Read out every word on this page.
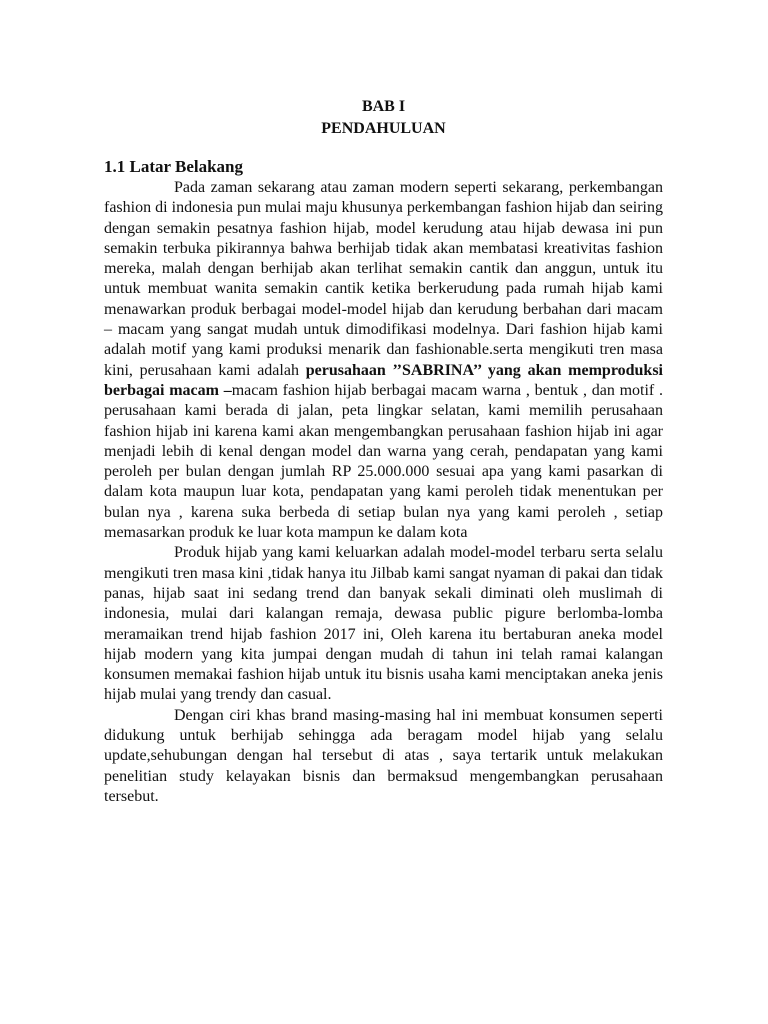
BAB I
PENDAHULUAN
1.1 Latar Belakang

Pada zaman sekarang atau zaman modern seperti sekarang, perkembangan fashion di indonesia pun mulai maju khusunya perkembangan fashion hijab dan seiring dengan semakin pesatnya fashion hijab, model kerudung atau hijab dewasa ini pun semakin terbuka pikirannya bahwa berhijab tidak akan membatasi kreativitas fashion mereka, malah dengan berhijab akan terlihat semakin cantik dan anggun, untuk itu untuk membuat wanita semakin cantik ketika berkerudung pada rumah hijab kami menawarkan produk berbagai model-model hijab dan kerudung berbahan dari macam – macam yang sangat mudah untuk dimodifikasi modelnya. Dari fashion hijab kami adalah motif yang kami produksi menarik dan fashionable.serta mengikuti tren masa kini, perusahaan kami adalah perusahaan ’’SABRINA’’ yang akan memproduksi berbagai macam –macam fashion hijab berbagai macam warna , bentuk , dan motif . perusahaan kami berada di jalan, peta lingkar selatan, kami memilih perusahaan fashion hijab ini karena kami akan mengembangkan perusahaan fashion hijab ini agar menjadi lebih di kenal dengan model dan warna yang cerah, pendapatan yang kami peroleh per bulan dengan jumlah RP 25.000.000 sesuai apa yang kami pasarkan di dalam kota maupun luar kota, pendapatan yang kami peroleh tidak menentukan per bulan nya , karena suka berbeda di setiap bulan nya yang kami peroleh , setiap memasarkan produk ke luar kota mampun ke dalam kota

Produk hijab yang kami keluarkan adalah model-model terbaru serta selalu mengikuti tren masa kini ,tidak hanya itu Jilbab kami sangat nyaman di pakai dan tidak panas, hijab saat ini sedang trend dan banyak sekali diminati oleh muslimah di indonesia, mulai dari kalangan remaja, dewasa public pigure berlomba-lomba meramaikan trend hijab fashion 2017 ini, Oleh karena itu bertaburan aneka model hijab modern yang kita jumpai dengan mudah di tahun ini telah ramai kalangan konsumen memakai fashion hijab untuk itu bisnis usaha kami menciptakan aneka jenis hijab mulai yang trendy dan casual.

Dengan ciri khas brand masing-masing hal ini membuat konsumen seperti didukung untuk berhijab sehingga ada beragam model hijab yang selalu update,sehubungan dengan hal tersebut di atas , saya tertarik untuk melakukan penelitian study kelayakan bisnis dan bermaksud mengembangkan perusahaan tersebut.
